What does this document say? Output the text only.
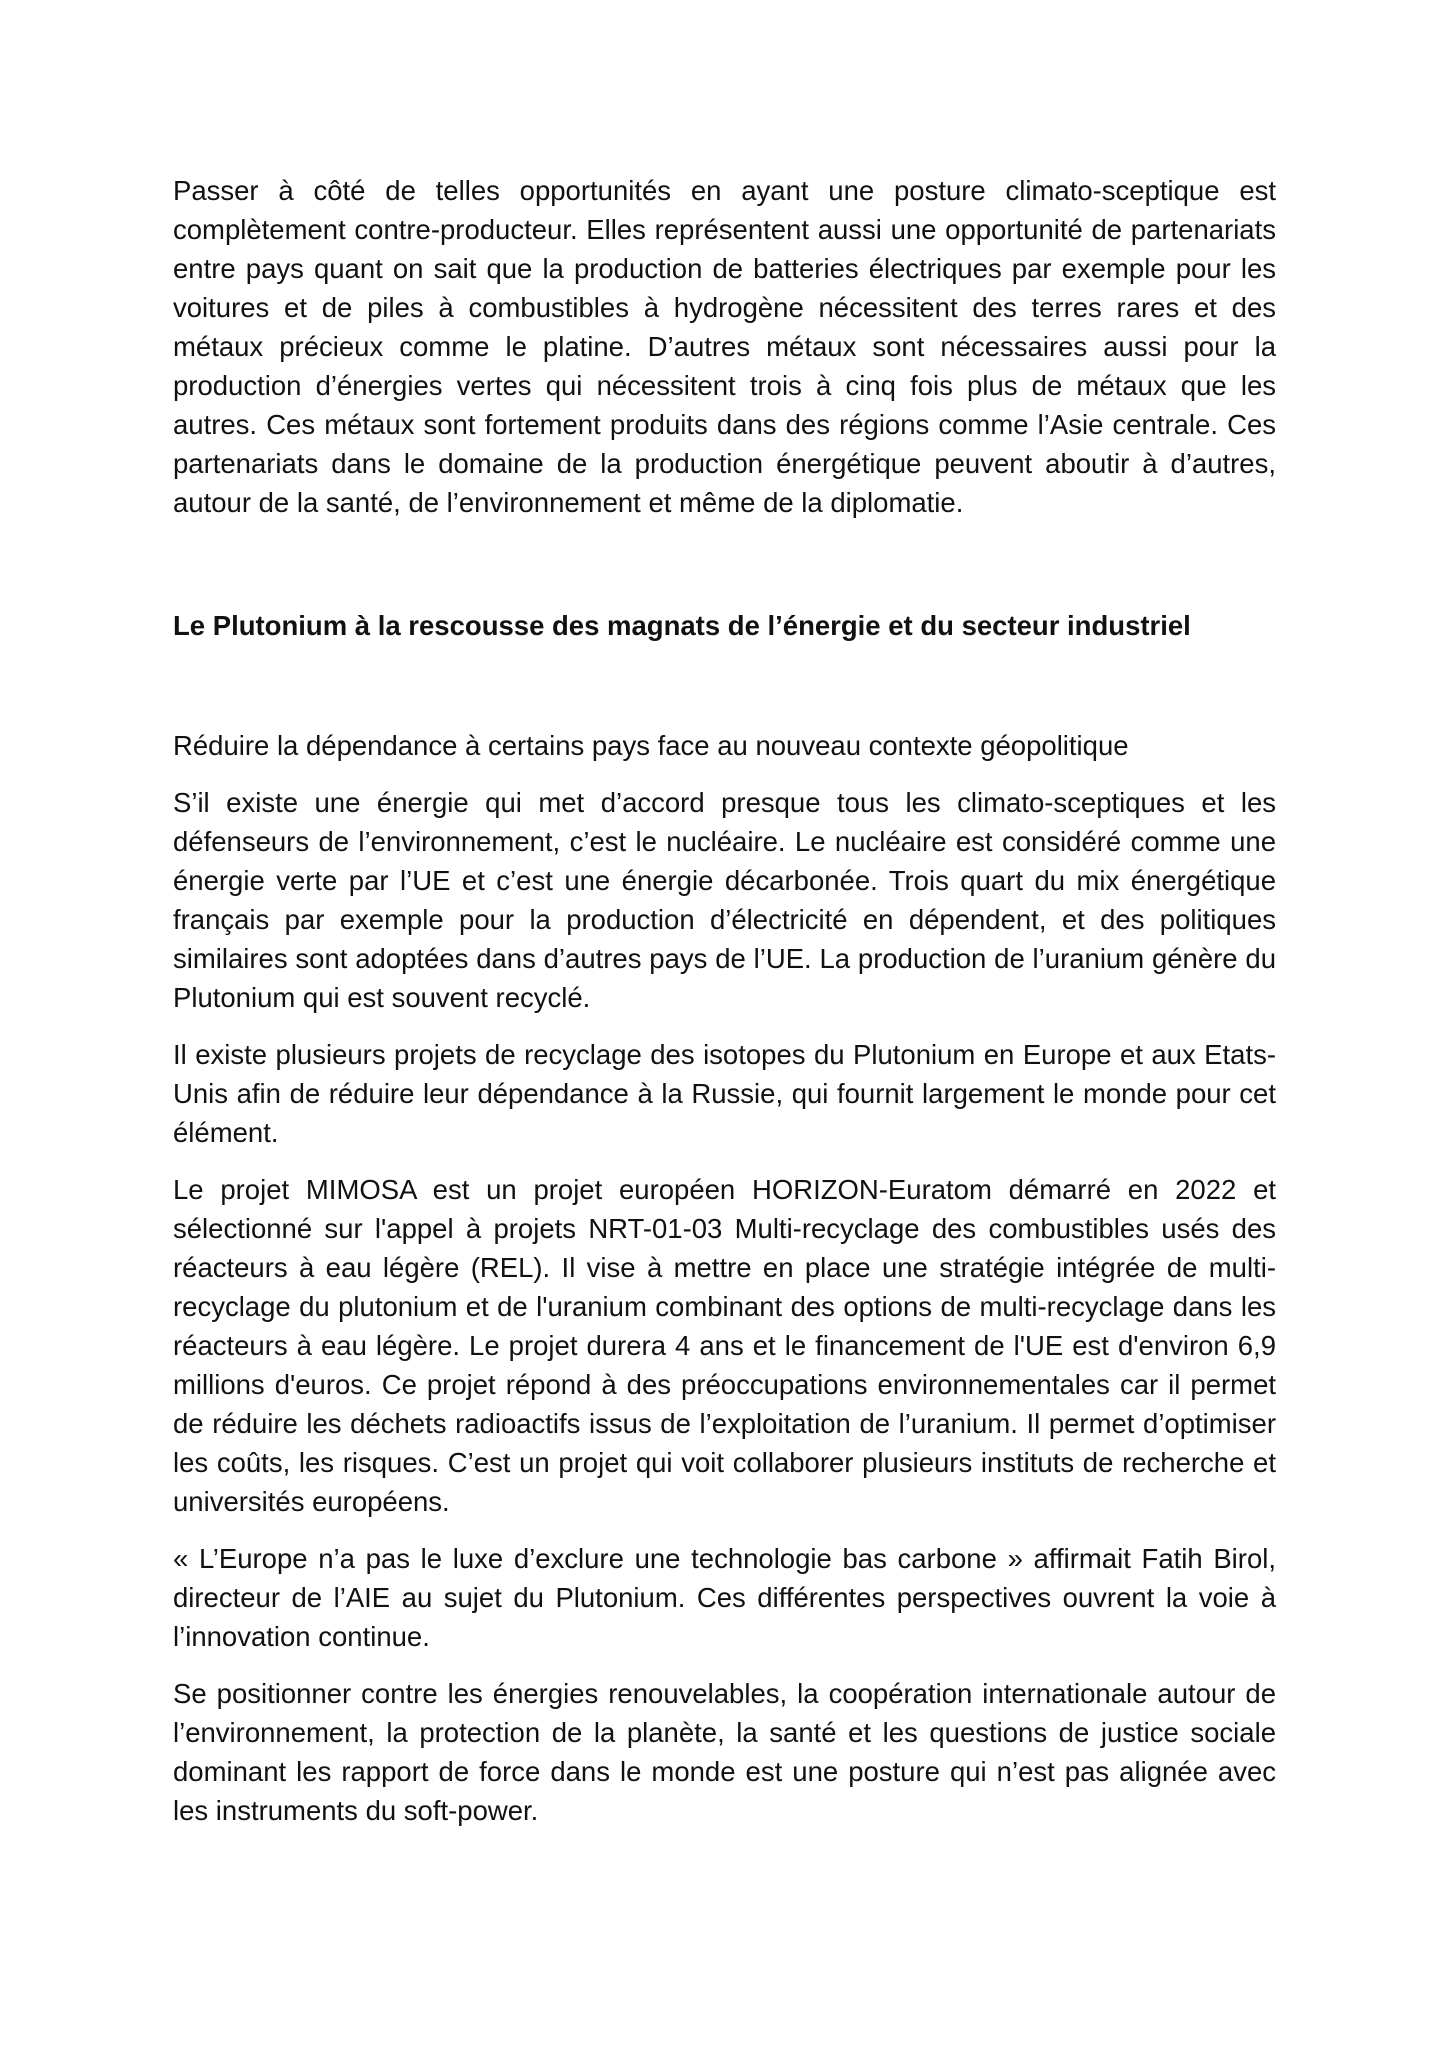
Passer à côté de telles opportunités en ayant une posture climato-sceptique est complètement contre-producteur. Elles représentent aussi une opportunité de partenariats entre pays quant on sait que la production de batteries électriques par exemple pour les voitures et de piles à combustibles à hydrogène nécessitent des terres rares et des métaux précieux comme le platine. D’autres métaux sont nécessaires aussi pour la production d’énergies vertes qui nécessitent trois à cinq fois plus de métaux que les autres. Ces métaux sont fortement produits dans des régions comme l’Asie centrale. Ces partenariats dans le domaine de la production énergétique peuvent aboutir à d’autres, autour de la santé, de l’environnement et même de la diplomatie.

Le Plutonium à la rescousse des magnats de l’énergie et du secteur industriel

Réduire la dépendance à certains pays face au nouveau contexte géopolitique

S’il existe une énergie qui met d’accord presque tous les climato-sceptiques et les défenseurs de l’environnement, c’est le nucléaire. Le nucléaire est considéré comme une énergie verte par l’UE et c’est une énergie décarbonée. Trois quart du mix énergétique français par exemple pour la production d’électricité en dépendent, et des politiques similaires sont adoptées dans d’autres pays de l’UE. La production de l’uranium génère du Plutonium qui est souvent recyclé.

Il existe plusieurs projets de recyclage des isotopes du Plutonium en Europe et aux Etats-Unis afin de réduire leur dépendance à la Russie, qui fournit largement le monde pour cet élément.

Le projet MIMOSA est un projet européen HORIZON-Euratom démarré en 2022 et sélectionné sur l'appel à projets NRT-01-03 Multi-recyclage des combustibles usés des réacteurs à eau légère (REL). Il vise à mettre en place une stratégie intégrée de multi-recyclage du plutonium et de l'uranium combinant des options de multi-recyclage dans les réacteurs à eau légère. Le projet durera 4 ans et le financement de l'UE est d'environ 6,9 millions d'euros. Ce projet répond à des préoccupations environnementales car il permet de réduire les déchets radioactifs issus de l’exploitation de l’uranium. Il permet d’optimiser les coûts, les risques. C’est un projet qui voit collaborer plusieurs instituts de recherche et universités européens.

« L’Europe n’a pas le luxe d’exclure une technologie bas carbone » affirmait Fatih Birol, directeur de l’AIE au sujet du Plutonium. Ces différentes perspectives ouvrent la voie à l’innovation continue.

Se positionner contre les énergies renouvelables, la coopération internationale autour de l’environnement, la protection de la planète, la santé et les questions de justice sociale dominant les rapport de force dans le monde est une posture qui n’est pas alignée avec les instruments du soft-power.
